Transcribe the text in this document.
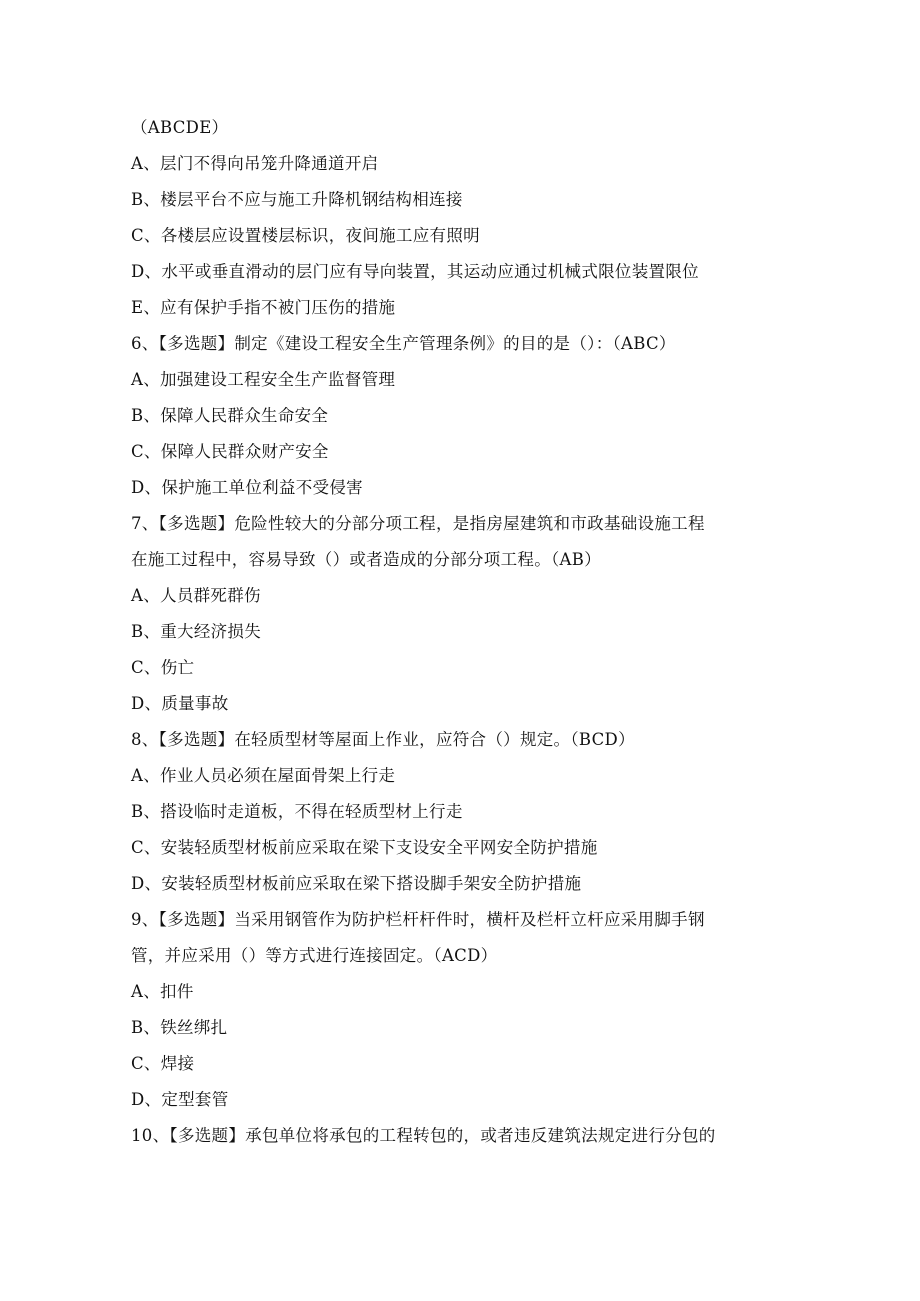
（ABCDE）
A、层门不得向吊笼升降通道开启
B、楼层平台不应与施工升降机钢结构相连接
C、各楼层应设置楼层标识，夜间施工应有照明
D、水平或垂直滑动的层门应有导向装置，其运动应通过机械式限位装置限位
E、应有保护手指不被门压伤的措施
6、【多选题】制定《建设工程安全生产管理条例》的目的是（）：（ABC）
A、加强建设工程安全生产监督管理
B、保障人民群众生命安全
C、保障人民群众财产安全
D、保护施工单位利益不受侵害
7、【多选题】危险性较大的分部分项工程，是指房屋建筑和市政基础设施工程
在施工过程中，容易导致（）或者造成的分部分项工程。（AB）
A、人员群死群伤
B、重大经济损失
C、伤亡
D、质量事故
8、【多选题】在轻质型材等屋面上作业，应符合（）规定。（BCD）
A、作业人员必须在屋面骨架上行走
B、搭设临时走道板，不得在轻质型材上行走
C、安装轻质型材板前应采取在梁下支设安全平网安全防护措施
D、安装轻质型材板前应采取在梁下搭设脚手架安全防护措施
9、【多选题】当采用钢管作为防护栏杆杆件时，横杆及栏杆立杆应采用脚手钢
管，并应采用（）等方式进行连接固定。（ACD）
A、扣件
B、铁丝绑扎
C、焊接
D、定型套管
10、【多选题】承包单位将承包的工程转包的，或者违反建筑法规定进行分包的
